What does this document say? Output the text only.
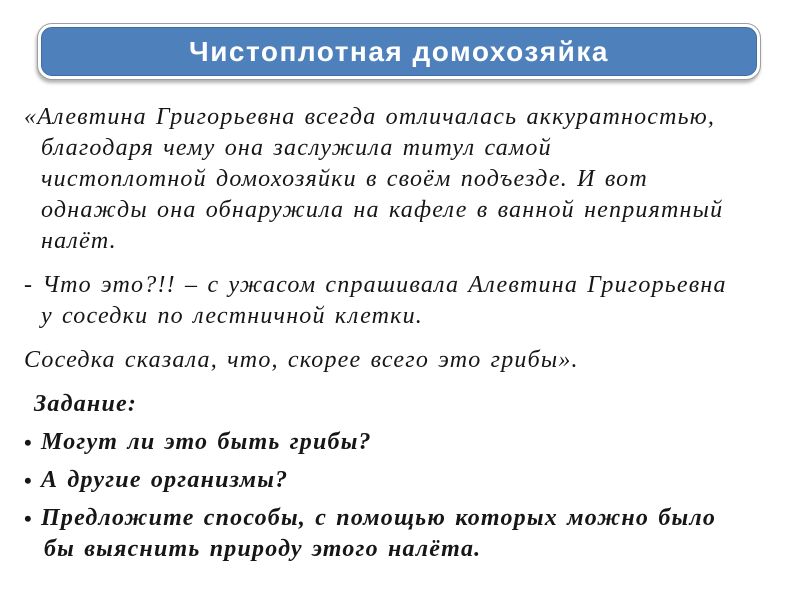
Чистоплотная домохозяйка
«Алевтина Григорьевна всегда отличалась аккуратностью,
благодаря чему она заслужила титул самой
чистоплотной домохозяйки в своём подъезде. И вот
однажды она обнаружила на кафеле в ванной неприятный
налёт.
- Что это?!! – с ужасом спрашивала Алевтина Григорьевна
у соседки по лестничной клетки.
Соседка сказала, что, скорее всего это грибы».
Задание:
• Могут ли это быть грибы?
• А другие организмы?
• Предложите способы, с помощью которых можно было
бы выяснить природу этого налёта.
